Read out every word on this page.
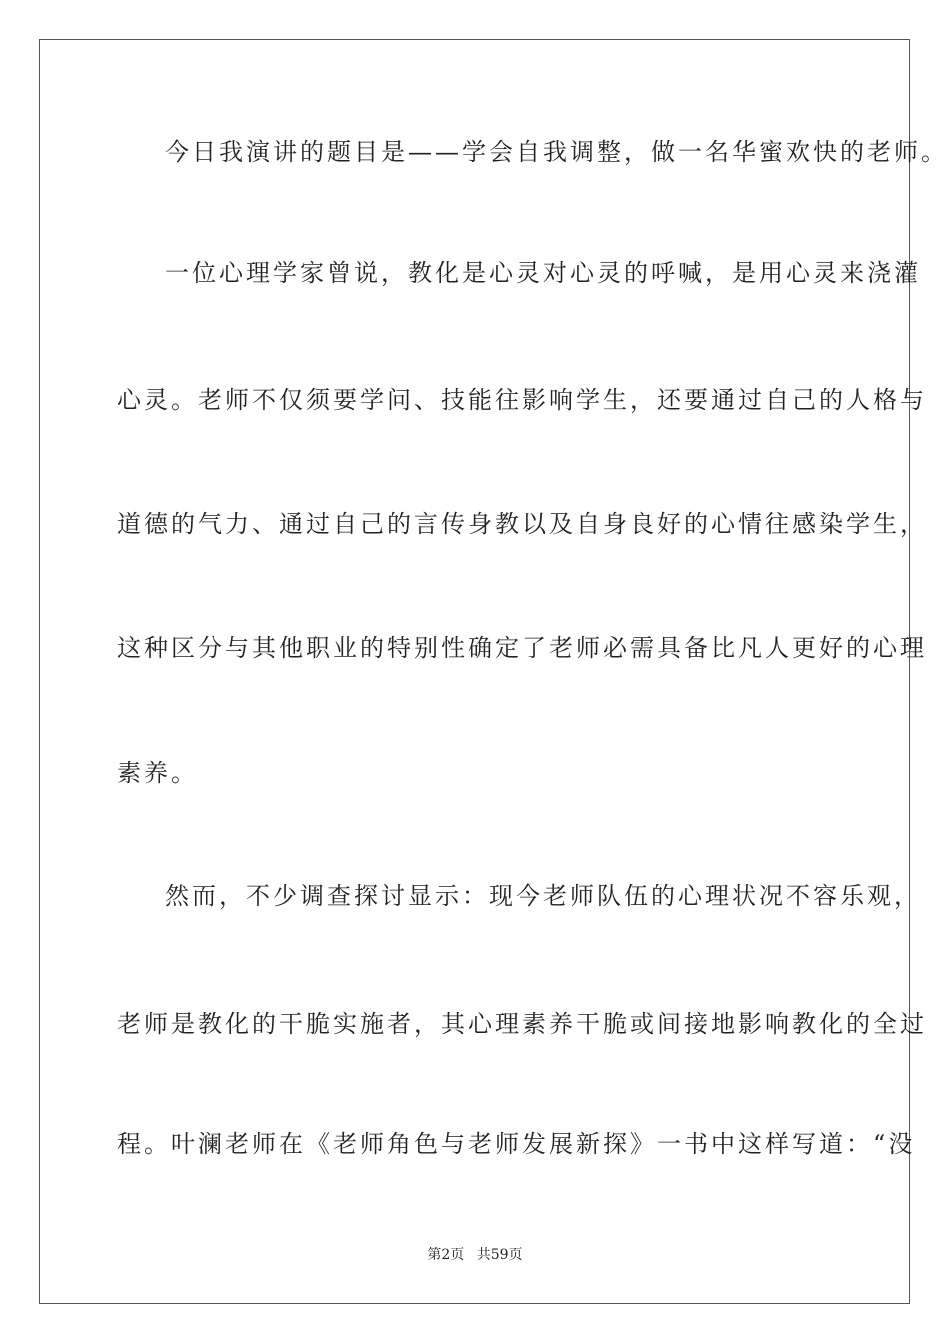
今日我演讲的题目是——学会自我调整，做一名华蜜欢快的老师。
一位心理学家曾说，教化是心灵对心灵的呼喊，是用心灵来浇灌
心灵。老师不仅须要学问、技能往影响学生，还要通过自己的人格与
道德的气力、通过自己的言传身教以及自身良好的心情往感染学生，
这种区分与其他职业的特别性确定了老师必需具备比凡人更好的心理
素养。
然而，不少调查探讨显示：现今老师队伍的心理状况不容乐观，
老师是教化的干脆实施者，其心理素养干脆或间接地影响教化的全过
程。叶澜老师在《老师角色与老师发展新探》一书中这样写道：“没
第2页 共59页
